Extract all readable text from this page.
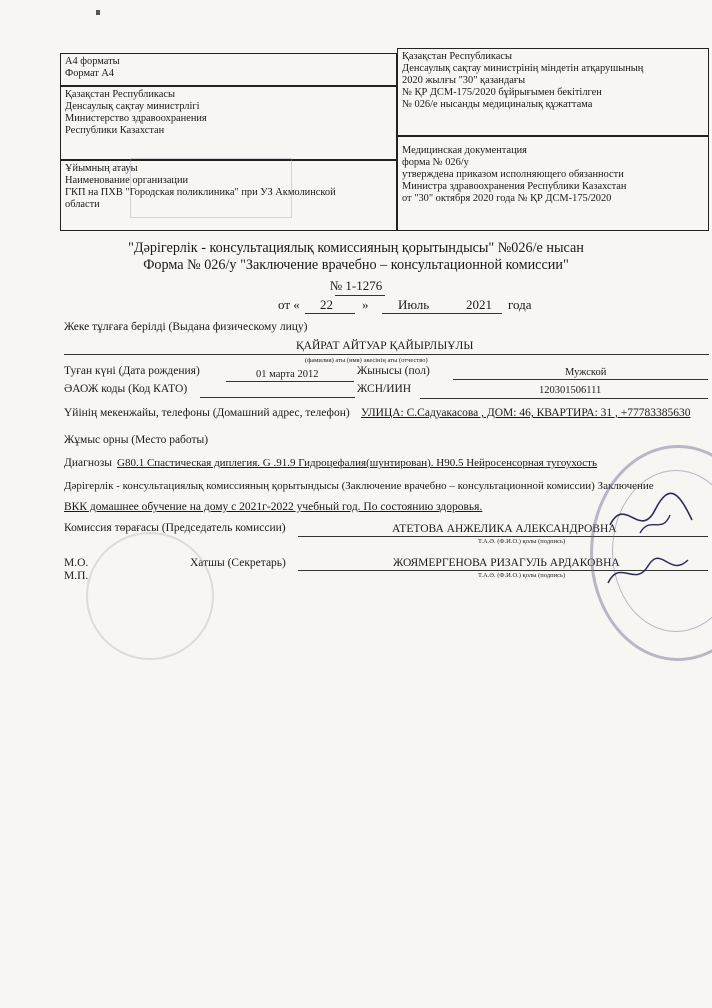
А4 форматы
Формат А4
Қазақстан Республикасы
Денсаулық сақтау министрлігі
Министерство здравоохранения
Республики Казахстан
Ұйымның атауы
Наименование организации
ГКП на ПХВ "Городская поликлиника" при УЗ Акмолинской
области
Қазақстан Республикасы
Денсаулық сақтау министрінің міндетін атқарушының
2020 жылғы "30" қазандағы
№ ҚР ДСМ-175/2020 бұйрығымен бекітілген
№ 026/е нысанды медициналық құжаттама
Медицинская документация
форма № 026/у
утверждена приказом исполняющего обязанности
Министра здравоохранения Республики Казахстан
от "30" октября 2020 года № ҚР ДСМ-175/2020
"Дәрігерлік - консультациялық комиссияның қорытындысы" №026/е нысан
Форма № 026/у "Заключение врачебно – консультационной комиссии"
№ 1-1276
от « 22 » Июль	2021 года
Жеке тұлғаға берілді (Выдана физическому лицу)
ҚАЙРАТ АЙТУАР ҚАЙЫРЛЫҰЛЫ
(фамилия) аты (имя) әкесінің аты (отчество)
Туған күні (Дата рождения)	01 марта 2012	Жынысы (пол)	Мужской
ӘАОЖ коды (Код КАТО)	ЖСН/ИИН	120301506111
Үйінің мекенжайы, телефоны (Домашний адрес, телефон) УЛИЦА: С.Садуакасова , ДОМ: 46, КВАРТИРА: 31 , +77783385630
Жұмыс орны (Место работы)
Диагнозы G80.1 Спастическая диплегия. G .91.9 Гидроцефалия(шунтирован). H90.5 Нейросенсорная тугоухость
Дәрігерлік - консультациялық комиссияның қорытындысы (Заключение врачебно – консультационной комиссии) Заключение
ВКК домашнее обучение на дому с 2021г-2022 учебный год. По состоянию здоровья.
Комиссия төрағасы (Председатель комиссии)	АТЕТОВА АНЖЕЛИКА АЛЕКСАНДРОВНА
Т.А.Ә. (Ф.И.О.) қолы (подпись)
М.О.
М.П.
Хатшы (Секретарь)	ЖОЯМЕРГЕНОВА РИЗАГУЛЬ АРДАКОВНА
Т.А.Ә. (Ф.И.О.) қолы (подпись)
